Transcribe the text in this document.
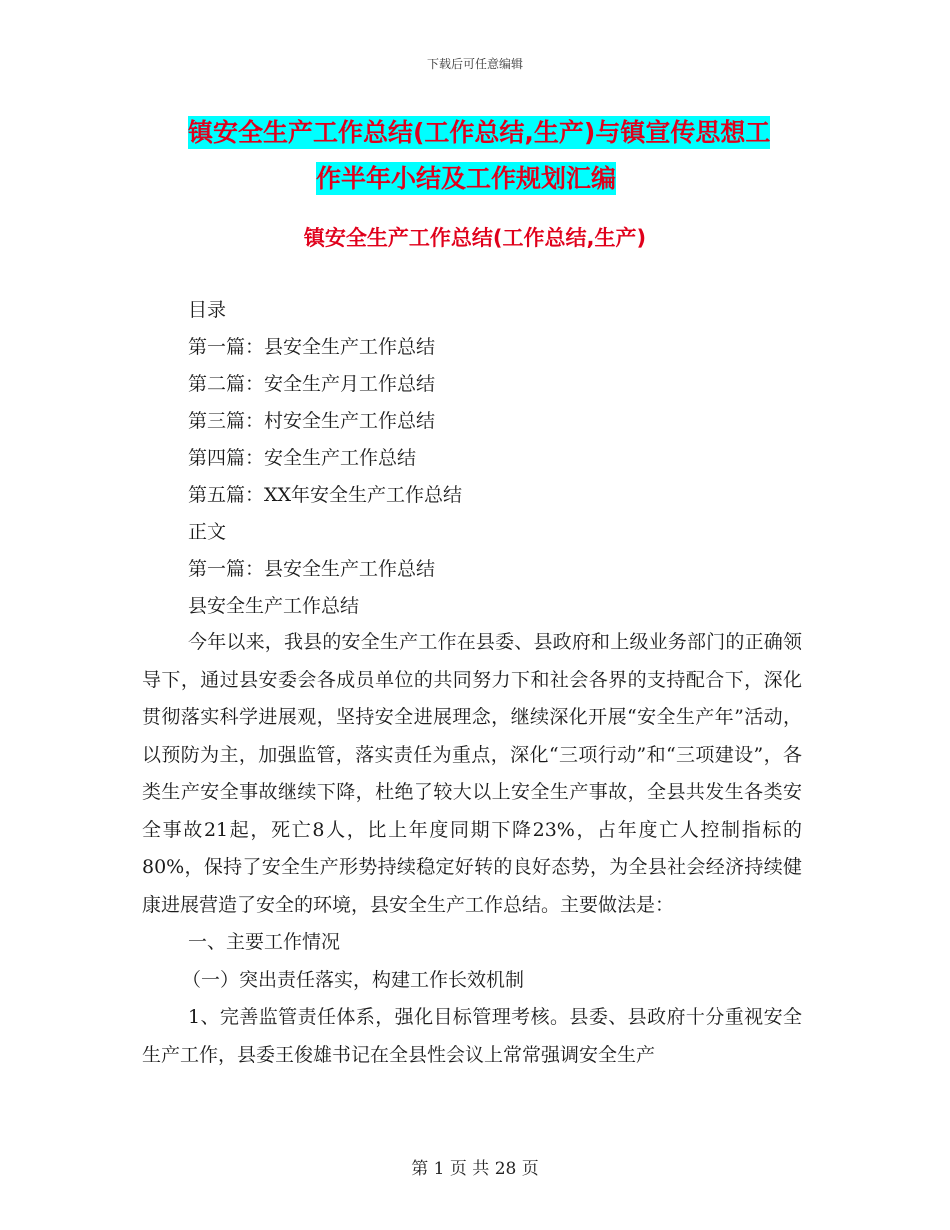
下载后可任意编辑
镇安全生产工作总结(工作总结,生产)与镇宣传思想工
作半年小结及工作规划汇编
镇安全生产工作总结(工作总结,生产)
目录
第一篇：县安全生产工作总结
第二篇：安全生产月工作总结
第三篇：村安全生产工作总结
第四篇：安全生产工作总结
第五篇：XX年安全生产工作总结
正文
第一篇：县安全生产工作总结
县安全生产工作总结

今年以来，我县的安全生产工作在县委、县政府和上级业务部门的正确领导下，通过县安委会各成员单位的共同努力下和社会各界的支持配合下，深化贯彻落实科学进展观，坚持安全进展理念，继续深化开展“安全生产年”活动，以预防为主，加强监管，落实责任为重点，深化“三项行动”和“三项建设”，各类生产安全事故继续下降，杜绝了较大以上安全生产事故，全县共发生各类安全事故21起，死亡8人，比上年度同期下降23%，占年度亡人控制指标的80%，保持了安全生产形势持续稳定好转的良好态势，为全县社会经济持续健康进展营造了安全的环境，县安全生产工作总结。主要做法是：

一、主要工作情况
（一）突出责任落实，构建工作长效机制

1、完善监管责任体系，强化目标管理考核。县委、县政府十分重视安全生产工作，县委王俊雄书记在全县性会议上常常强调安全生产

第 1 页 共 28 页
